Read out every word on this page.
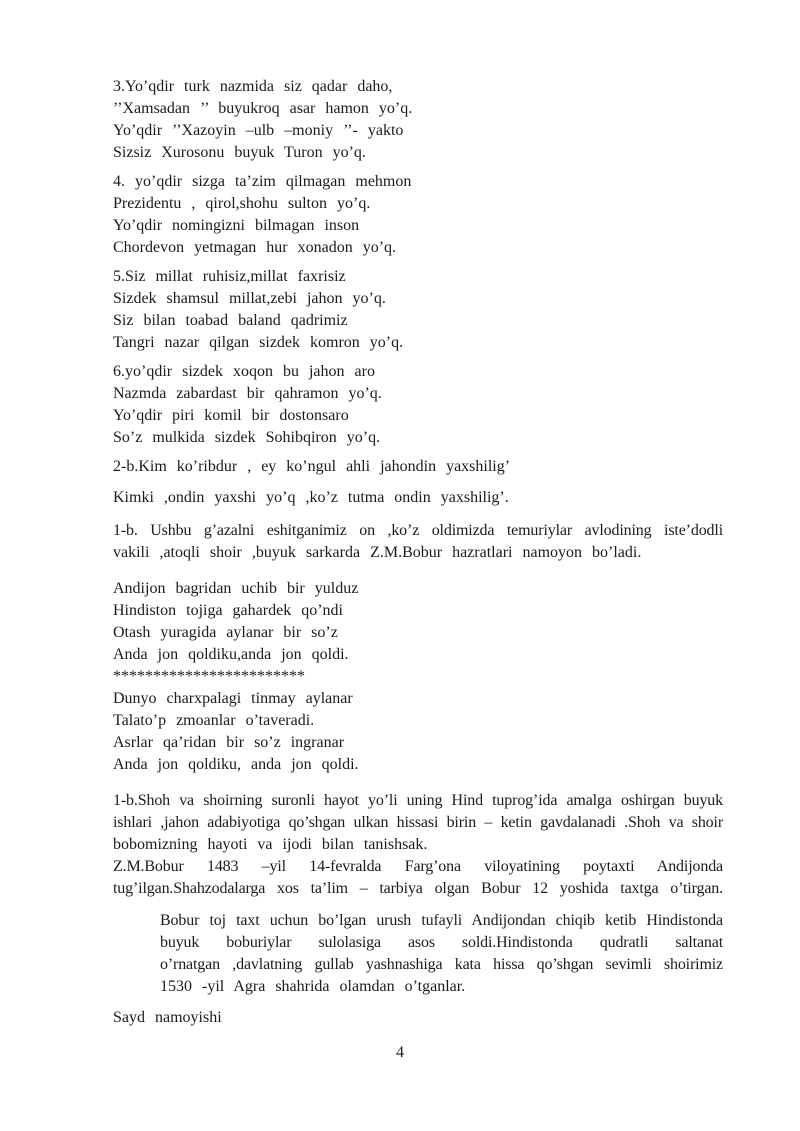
3.Yo’qdir turk nazmida siz qadar daho,
’’Xamsadan ’’ buyukroq asar hamon yo’q.
Yo’qdir ’’Xazoyin –ulb –moniy ’’- yakto
Sizsiz Xurosonu buyuk Turon yo’q.
4. yo’qdir sizga ta’zim qilmagan mehmon
Prezidentu , qirol,shohu sulton yo’q.
Yo’qdir nomingizni bilmagan inson
Chordevon yetmagan hur xonadon yo’q.
5.Siz millat ruhisiz,millat faxrisiz
Sizdek shamsul millat,zebi jahon yo’q.
Siz bilan toabad baland qadrimiz
Tangri nazar qilgan sizdek komron yo’q.
6.yo’qdir sizdek xoqon bu jahon aro
Nazmda zabardast bir qahramon yo’q.
Yo’qdir piri komil bir dostonsaro
So’z mulkida sizdek Sohibqiron yo’q.
2-b.Kim ko’ribdur , ey ko’ngul ahli jahondin yaxshilig’
Kimki ,ondin yaxshi yo’q ,ko’z tutma ondin yaxshilig’.
1-b. Ushbu g’azalni eshitganimiz on ,ko’z oldimizda temuriylar avlodining iste’dodli
vakili ,atoqli shoir ,buyuk sarkarda Z.M.Bobur hazratlari namoyon bo’ladi.
Andijon bagridan uchib bir yulduz
Hindiston tojiga gahardek qo’ndi
Otash yuragida aylanar bir so’z
Anda jon qoldiku,anda jon qoldi.
************************
Dunyo charxpalagi tinmay aylanar
Talato’p zmoanlar o’taveradi.
Asrlar qa’ridan bir so’z ingranar
Anda jon qoldiku, anda jon qoldi.
1-b.Shoh va shoirning suronli hayot yo’li uning Hind tuprog’ida amalga oshirgan buyuk
ishlari ,jahon adabiyotiga qo’shgan ulkan hissasi birin – ketin gavdalanadi .Shoh va shoir
bobomizning hayoti va ijodi bilan tanishsak.
Z.M.Bobur 1483 –yil 14-fevralda Farg’ona viloyatining poytaxti Andijonda
tug’ilgan.Shahzodalarga xos ta’lim – tarbiya olgan Bobur 12 yoshida taxtga o’tirgan.
Bobur toj taxt uchun bo’lgan urush tufayli Andijondan chiqib ketib Hindistonda
buyuk boburiylar sulolasiga asos soldi.Hindistonda qudratli saltanat
o’rnatgan ,davlatning gullab yashnashiga kata hissa qo’shgan sevimli shoirimiz
1530 -yil Agra shahrida olamdan o’tganlar.
Sayd namoyishi
4
